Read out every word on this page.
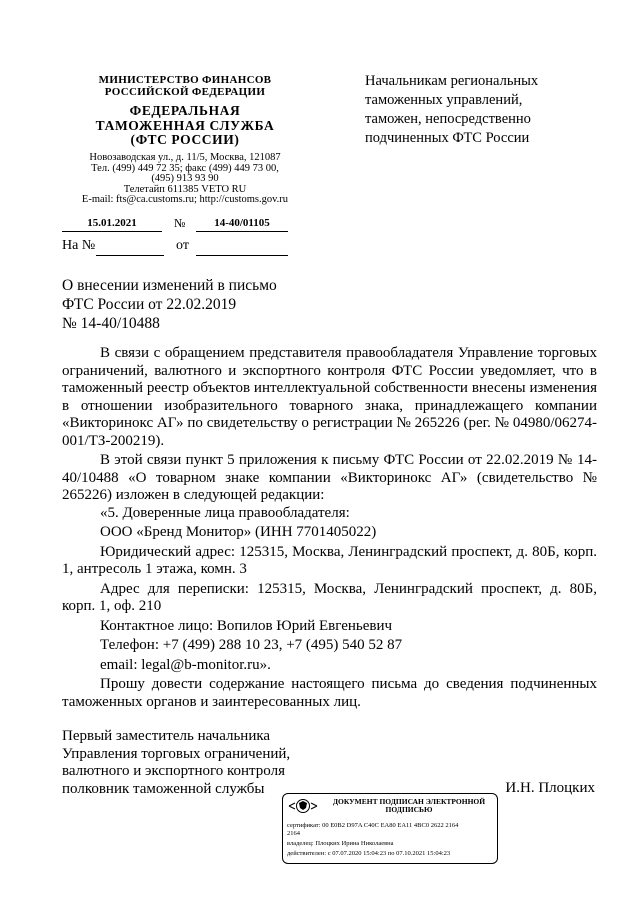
МИНИСТЕРСТВО ФИНАНСОВ
РОССИЙСКОЙ ФЕДЕРАЦИИ
ФЕДЕРАЛЬНАЯ
ТАМОЖЕННАЯ СЛУЖБА
(ФТС РОССИИ)
Новозаводская ул., д. 11/5, Москва, 121087
Тел. (499) 449 72 35; факс (499) 449 73 00,
(495) 913 93 90
Телетайп 611385 VETO RU
E-mail: fts@ca.customs.ru; http://customs.gov.ru
15.01.2021	№	14-40/01105
На №	от
Начальникам региональных
таможенных управлений,
таможен, непосредственно
подчиненных ФТС России
О внесении изменений в письмо
ФТС России от 22.02.2019
№ 14-40/10488

В связи с обращением представителя правообладателя Управление торговых ограничений, валютного и экспортного контроля ФТС России уведомляет, что в таможенный реестр объектов интеллектуальной собственности внесены изменения в отношении изобразительного товарного знака, принадлежащего компании «Викторинокс АГ» по свидетельству о регистрации № 265226 (рег. № 04980/06274-001/ТЗ-200219).

В этой связи пункт 5 приложения к письму ФТС России от 22.02.2019 № 14-40/10488 «О товарном знаке компании «Викторинокс АГ» (свидетельство № 265226) изложен в следующей редакции:

«5. Доверенные лица правообладателя:

ООО «Бренд Монитор» (ИНН 7701405022)

Юридический адрес: 125315, Москва, Ленинградский проспект, д. 80Б, корп. 1, антресоль 1 этажа, комн. 3

Адрес для переписки: 125315, Москва, Ленинградский проспект, д. 80Б, корп. 1, оф. 210

Контактное лицо: Вопилов Юрий Евгеньевич

Телефон: +7 (499) 288 10 23, +7 (495) 540 52 87

email: legal@b-monitor.ru».

Прошу довести содержание настоящего письма до сведения подчиненных таможенных органов и заинтересованных лиц.

Первый заместитель начальника
Управления торговых ограничений,
валютного и экспортного контроля
полковник таможенной службы	И.Н. Плоцких
ДОКУМЕНТ ПОДПИСАН ЭЛЕКТРОННОЙ ПОДПИСЬЮ
сертификат: 00 E0B2 D97A C40C EA80 EA11 4BC0 2622 2164
2164
владелец: Плоцких Ирина Николаевна
действителен: с 07.07.2020 15:04:23 по 07.10.2021 15:04:23
